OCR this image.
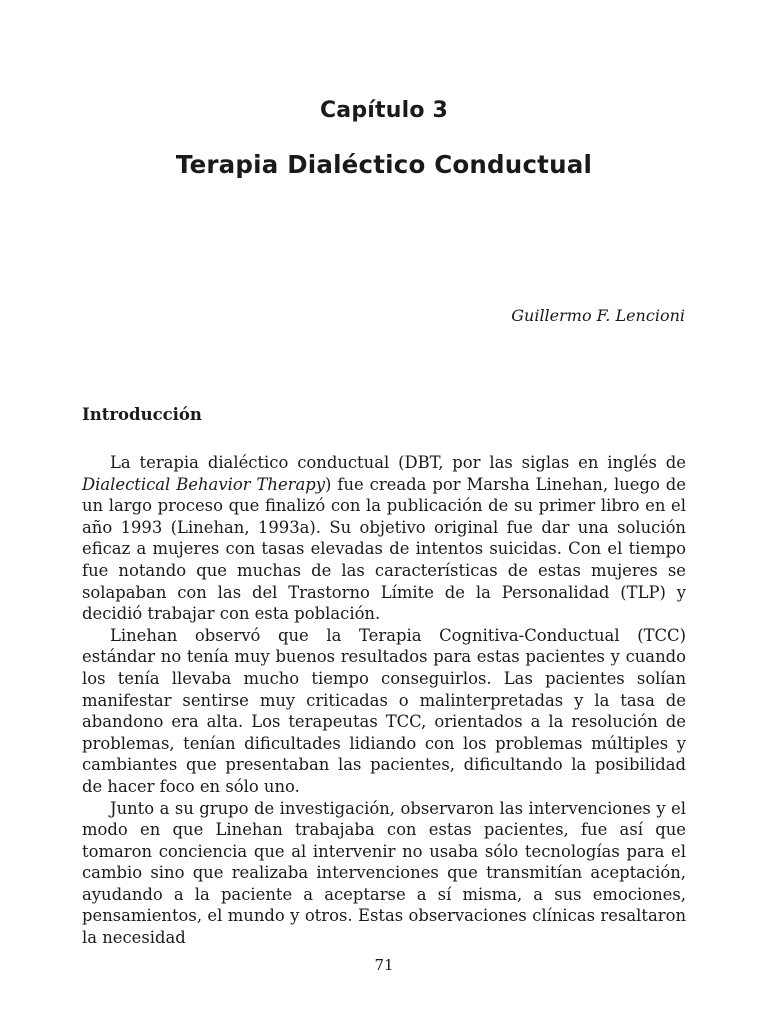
Capítulo 3
Terapia Dialéctico Conductual
Guillermo F. Lencioni
Introducción

La terapia dialéctico conductual (DBT, por las siglas en inglés de Dialectical Behavior Therapy) fue creada por Marsha Linehan, luego de un largo proceso que finalizó con la publicación de su primer libro en el año 1993 (Linehan, 1993a). Su objetivo original fue dar una solución eficaz a mujeres con tasas elevadas de intentos suicidas. Con el tiempo fue notando que muchas de las características de estas mujeres se solapaban con las del Trastorno Límite de la Personalidad (TLP) y decidió trabajar con esta población.

Linehan observó que la Terapia Cognitiva-Conductual (TCC) estándar no tenía muy buenos resultados para estas pacientes y cuando los tenía llevaba mucho tiempo conseguirlos. Las pacientes solían manifestar sentirse muy criticadas o malinterpretadas y la tasa de abandono era alta. Los terapeutas TCC, orientados a la resolución de problemas, tenían dificultades lidiando con los problemas múltiples y cambiantes que presentaban las pacientes, dificultando la posibilidad de hacer foco en sólo uno.

Junto a su grupo de investigación, observaron las intervenciones y el modo en que Linehan trabajaba con estas pacientes, fue así que tomaron conciencia que al intervenir no usaba sólo tecnologías para el cambio sino que realizaba intervenciones que transmitían aceptación, ayudando a la paciente a aceptarse a sí misma, a sus emociones, pensamientos, el mundo y otros. Estas observaciones clínicas resaltaron la necesidad

71
